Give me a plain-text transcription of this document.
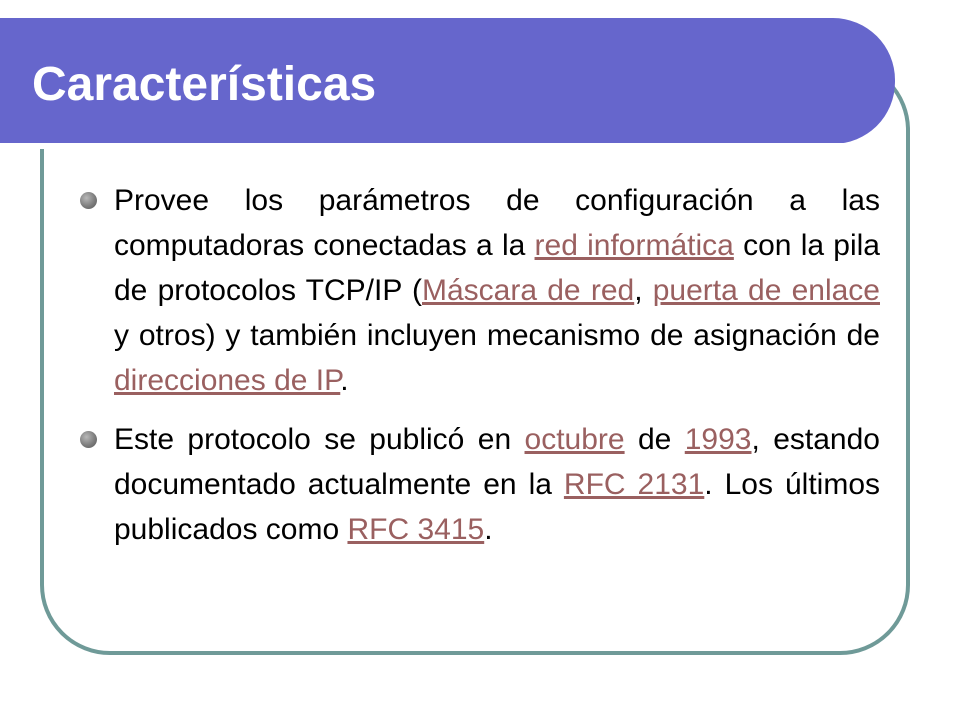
Características
Provee los parámetros de configuración a las computadoras conectadas a la red informática con la pila de protocolos TCP/IP (Máscara de red, puerta de enlace y otros) y también incluyen mecanismo de asignación de direcciones de IP.
Este protocolo se publicó en octubre de 1993, estando documentado actualmente en la RFC 2131. Los últimos publicados como RFC 3415.
